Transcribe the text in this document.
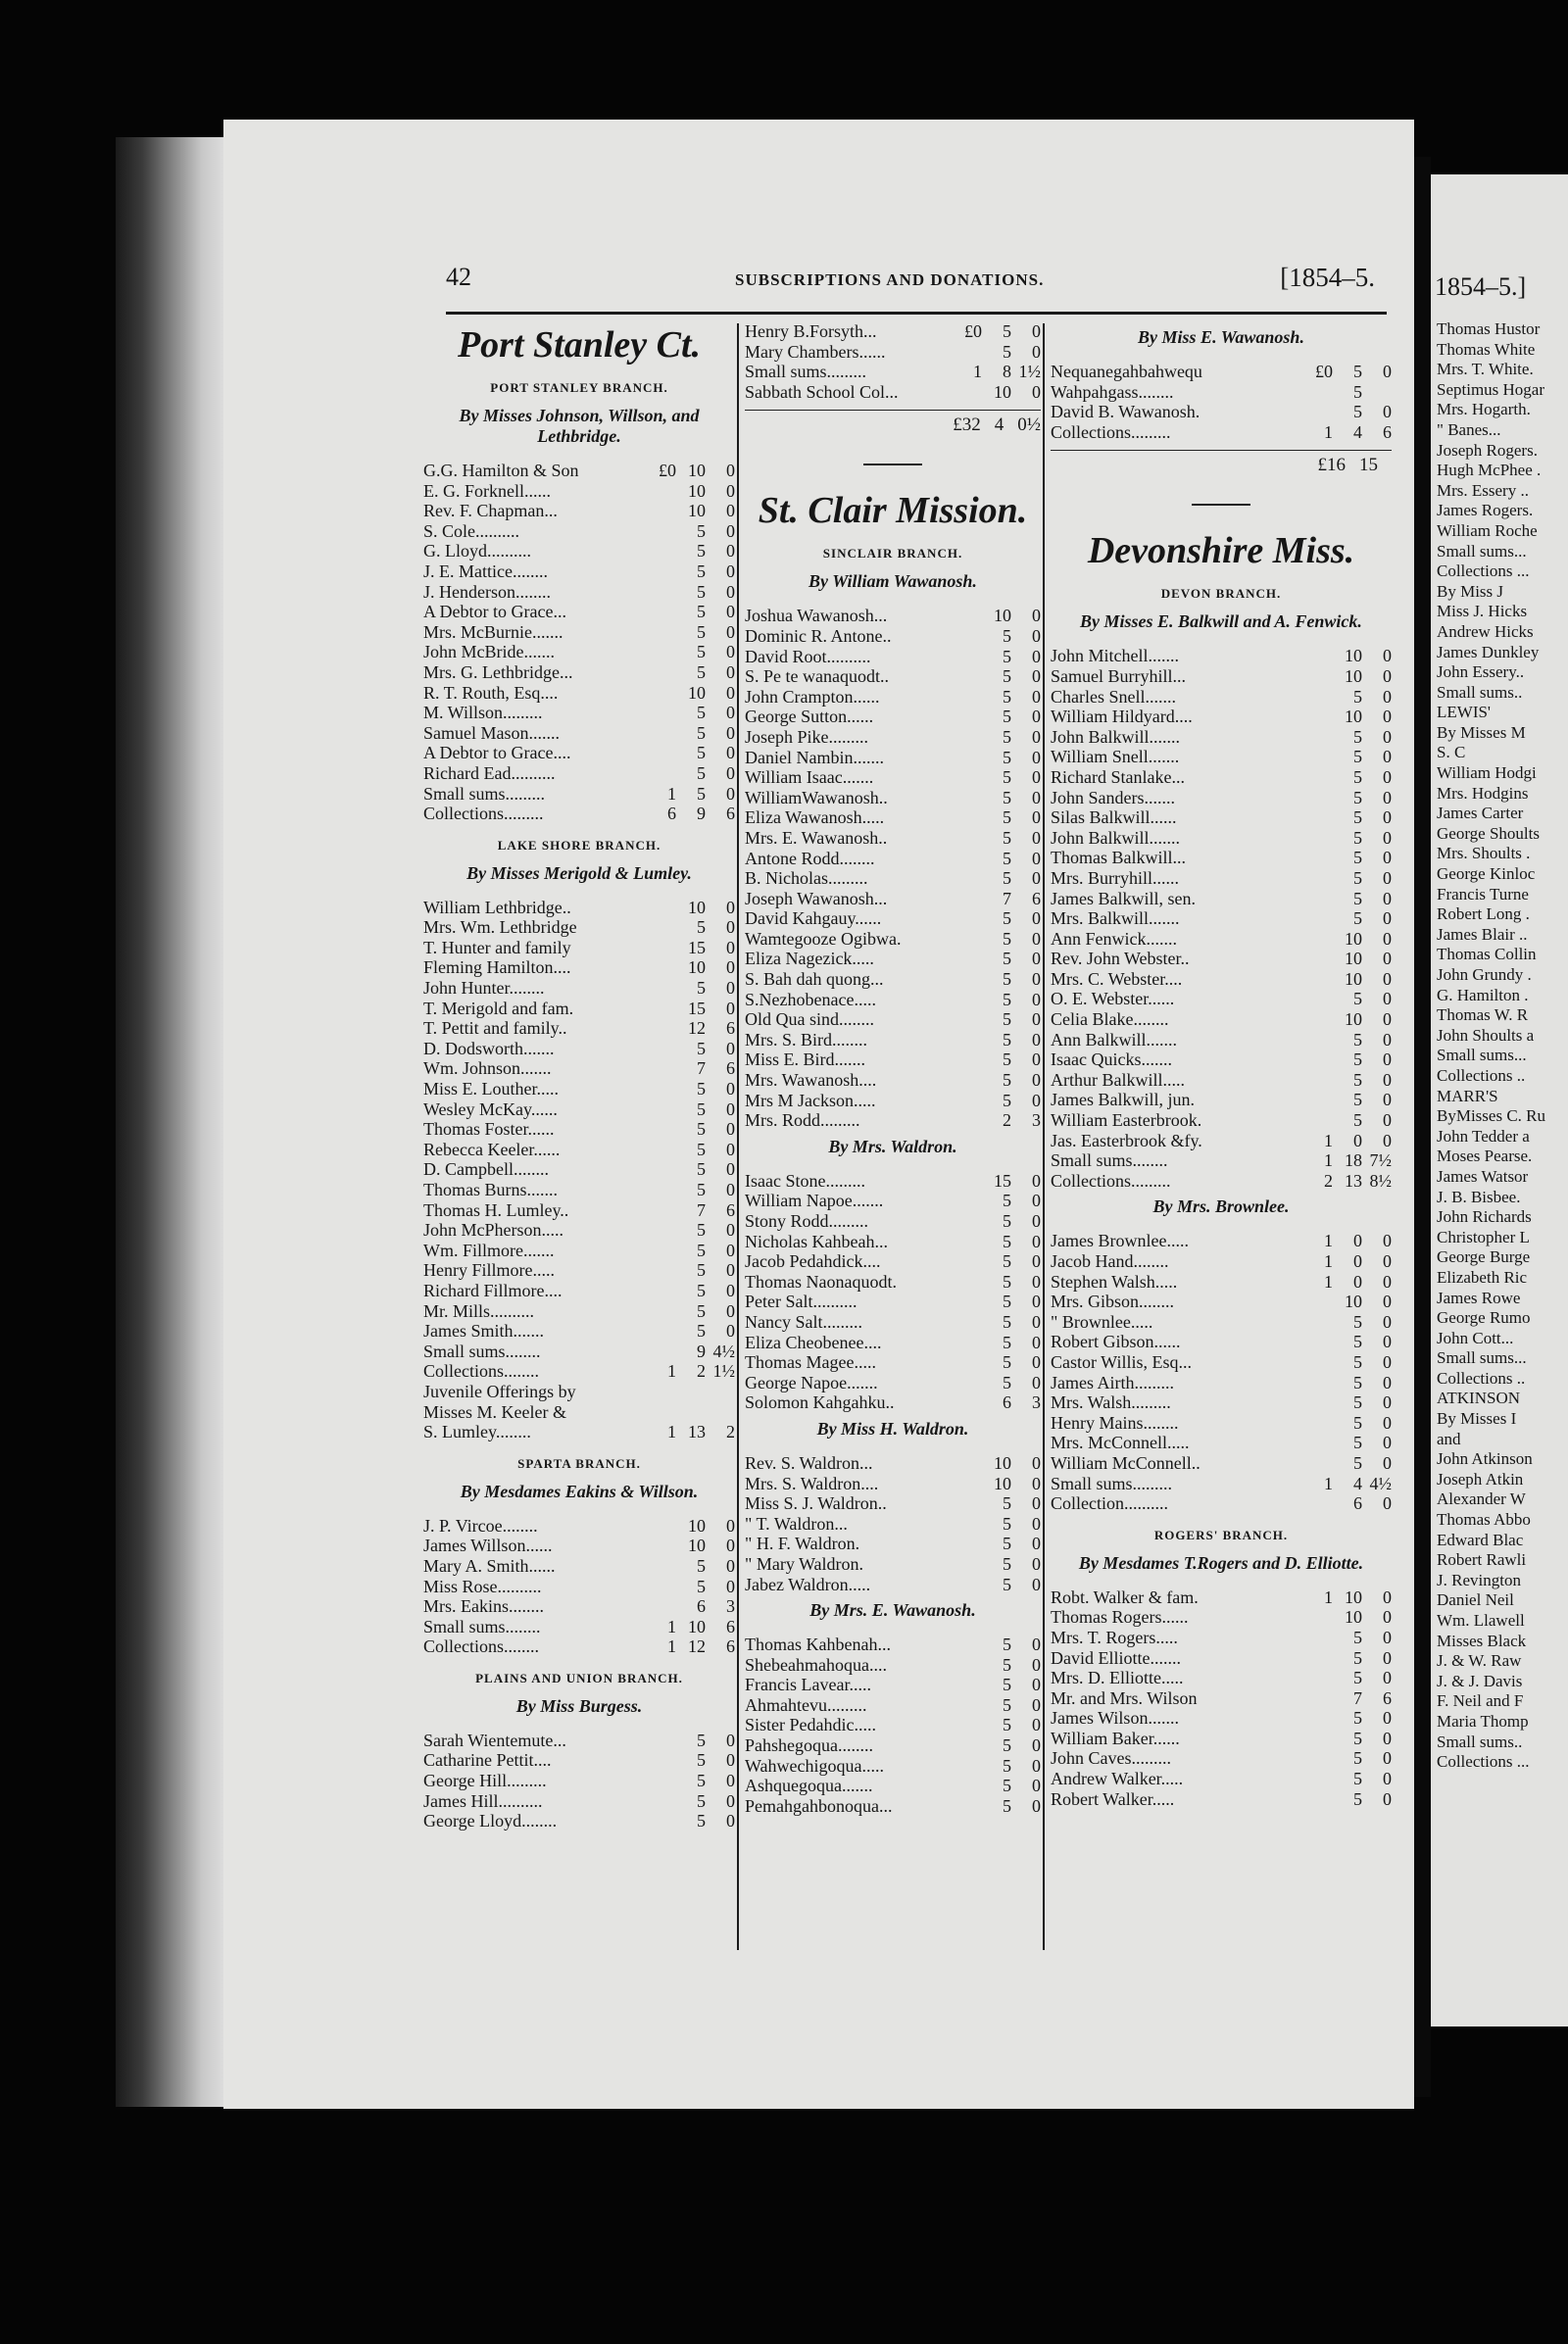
1854–5.]
Thomas Hustor
Thomas White
Mrs. T. White.
Septimus Hogar
Mrs. Hogarth.
" Banes...
Joseph Rogers.
Hugh McPhee .
Mrs. Essery ..
James Rogers.
William Roche
Small sums...
Collections ...
By Miss J
Miss J. Hicks
Andrew Hicks
James Dunkley
John Essery..
Small sums..
LEWIS'
By Misses M
S. C
William Hodgi
Mrs. Hodgins
James Carter
George Shoults
Mrs. Shoults .
George Kinloc
Francis Turne
Robert Long .
James Blair ..
Thomas Collin
John Grundy .
G. Hamilton .
Thomas W. R
John Shoults a
Small sums...
Collections ..
MARR'S
ByMisses C. Ru
John Tedder a
Moses Pearse.
James Watsor
J. B. Bisbee.
John Richards
Christopher L
George Burge
Elizabeth Ric
James Rowe
George Rumo
John Cott...
Small sums...
Collections ..
ATKINSON
By Misses I
and
John Atkinson
Joseph Atkin
Alexander W
Thomas Abbo
Edward Blac
Robert Rawli
J. Revington
Daniel Neil
Wm. Llawell
Misses Black
J. & W. Raw
J. & J. Davis
F. Neil and F
Maria Thomp
Small sums..
Collections ...
42	SUBSCRIPTIONS AND DONATIONS.	[1854–5.
Port Stanley Ct.
PORT STANLEY BRANCH.
By Misses Johnson, Willson, and Lethbridge.
G.G. Hamilton & Son	£0 10	0
E. G. Forknell......	10	0
Rev. F. Chapman...	10	0
S. Cole..........	5	0
G. Lloyd..........	5	0
J. E. Mattice........	5	0
J. Henderson........	5	0
A Debtor to Grace...	5	0
Mrs. McBurnie.......	5	0
John McBride.......	5	0
Mrs. G. Lethbridge...	5	0
R. T. Routh, Esq....	10	0
M. Willson.........	5	0
Samuel Mason.......	5	0
A Debtor to Grace....	5	0
Richard Ead..........	5	0
Small sums.........	1	5	0
Collections.........	6	9	6
LAKE SHORE BRANCH.
By Misses Merigold & Lumley.
William Lethbridge..	10	0
Mrs. Wm. Lethbridge	5	0
T. Hunter and family	15	0
Fleming Hamilton....	10	0
John Hunter........	5	0
T. Merigold and fam.	15	0
T. Pettit and family..	12	6
D. Dodsworth.......	5	0
Wm. Johnson.......	7	6
Miss E. Louther.....	5	0
Wesley McKay......	5	0
Thomas Foster......	5	0
Rebecca Keeler......	5	0
D. Campbell........	5	0
Thomas Burns.......	5	0
Thomas H. Lumley..	7	6
John McPherson.....	5	0
Wm. Fillmore.......	5	0
Henry Fillmore.....	5	0
Richard Fillmore....	5	0
Mr. Mills..........	5	0
James Smith.......	5	0
Small sums........	9 4½
Collections........	1	2 1½
Juvenile Offerings by
Misses M. Keeler &
S. Lumley........	1 13	2
SPARTA BRANCH.
By Mesdames Eakins & Willson.
J. P. Vircoe........	10	0
James Willson......	10	0
Mary A. Smith......	5	0
Miss Rose..........	5	0
Mrs. Eakins........	6	3
Small sums........	1 10	6
Collections........	1 12	6
PLAINS AND UNION BRANCH.
By Miss Burgess.
Sarah Wientemute...	5	0
Catharine Pettit....	5	0
George Hill.........	5	0
James Hill..........	5	0
George Lloyd........	5	0
Henry B.Forsyth...	£0	5	0
Mary Chambers......	5	0
Small sums.........	1	8 1½
Sabbath School Col...	10	0
£32 4 0½
St. Clair Mission.
SINCLAIR BRANCH.
By William Wawanosh.
Joshua Wawanosh...	10	0
Dominic R. Antone..	5	0
David Root..........	5	0
S. Pe te wanaquodt..	5	0
John Crampton......	5	0
George Sutton......	5	0
Joseph Pike.........	5	0
Daniel Nambin.......	5	0
William Isaac.......	5	0
WilliamWawanosh..	5	0
Eliza Wawanosh.....	5	0
Mrs. E. Wawanosh..	5	0
Antone Rodd........	5	0
B. Nicholas.........	5	0
Joseph Wawanosh...	7	6
David Kahgauy......	5	0
Wamtegooze Ogibwa.	5	0
Eliza Nagezick.....	5	0
S. Bah dah quong...	5	0
S.Nezhobenace.....	5	0
Old Qua sind........	5	0
Mrs. S. Bird........	5	0
Miss E. Bird.......	5	0
Mrs. Wawanosh....	5	0
Mrs M Jackson.....	5	0
Mrs. Rodd.........	2	3
By Mrs. Waldron.
Isaac Stone.........	15	0
William Napoe.......	5	0
Stony Rodd.........	5	0
Nicholas Kahbeah...	5	0
Jacob Pedahdick....	5	0
Thomas Naonaquodt.	5	0
Peter Salt..........	5	0
Nancy Salt.........	5	0
Eliza Cheobenee....	5	0
Thomas Magee.....	5	0
George Napoe.......	5	0
Solomon Kahgahku..	6	3
By Miss H. Waldron.
Rev. S. Waldron...	10	0
Mrs. S. Waldron....	10	0
Miss S. J. Waldron..	5	0
" T. Waldron...	5	0
" H. F. Waldron.	5	0
" Mary Waldron.	5	0
Jabez Waldron.....	5	0
By Mrs. E. Wawanosh.
Thomas Kahbenah...	5	0
Shebeahmahoqua....	5	0
Francis Lavear.....	5	0
Ahmahtevu.........	5	0
Sister Pedahdic.....	5	0
Pahshegoqua........	5	0
Wahwechigoqua.....	5	0
Ashquegoqua.......	5	0
Pemahgahbonoqua...	5	0
By Miss E. Wawanosh.
Nequanegahbahwequ	£0	5	0
Wahpahgass........	5
David B. Wawanosh.	5	0
Collections.........	1	4	6
£16 15
Devonshire Miss.
DEVON BRANCH.
By Misses E. Balkwill and A. Fenwick.
John Mitchell.......	10	0
Samuel Burryhill...	10	0
Charles Snell.......	5	0
William Hildyard....	10	0
John Balkwill.......	5	0
William Snell.......	5	0
Richard Stanlake...	5	0
John Sanders.......	5	0
Silas Balkwill......	5	0
John Balkwill.......	5	0
Thomas Balkwill...	5	0
Mrs. Burryhill......	5	0
James Balkwill, sen.	5	0
Mrs. Balkwill.......	5	0
Ann Fenwick.......	10	0
Rev. John Webster..	10	0
Mrs. C. Webster....	10	0
O. E. Webster......	5	0
Celia Blake........	10	0
Ann Balkwill.......	5	0
Isaac Quicks.......	5	0
Arthur Balkwill.....	5	0
James Balkwill, jun.	5	0
William Easterbrook.	5	0
Jas. Easterbrook &fy.	1	0	0
Small sums........	1 18 7½
Collections.........	2 13 8½
By Mrs. Brownlee.
James Brownlee.....	1	0	0
Jacob Hand........	1	0	0
Stephen Walsh.....	1	0	0
Mrs. Gibson........	10	0
" Brownlee.....	5	0
Robert Gibson......	5	0
Castor Willis, Esq...	5	0
James Airth.........	5	0
Mrs. Walsh.........	5	0
Henry Mains........	5	0
Mrs. McConnell.....	5	0
William McConnell..	5	0
Small sums.........	1	4 4½
Collection..........	6	0
ROGERS' BRANCH.
By Mesdames T.Rogers and D. Elliotte.
Robt. Walker & fam.	1 10	0
Thomas Rogers......	10	0
Mrs. T. Rogers.....	5	0
David Elliotte.......	5	0
Mrs. D. Elliotte.....	5	0
Mr. and Mrs. Wilson	7	6
James Wilson.......	5	0
William Baker......	5	0
John Caves.........	5	0
Andrew Walker.....	5	0
Robert Walker.....	5	0
